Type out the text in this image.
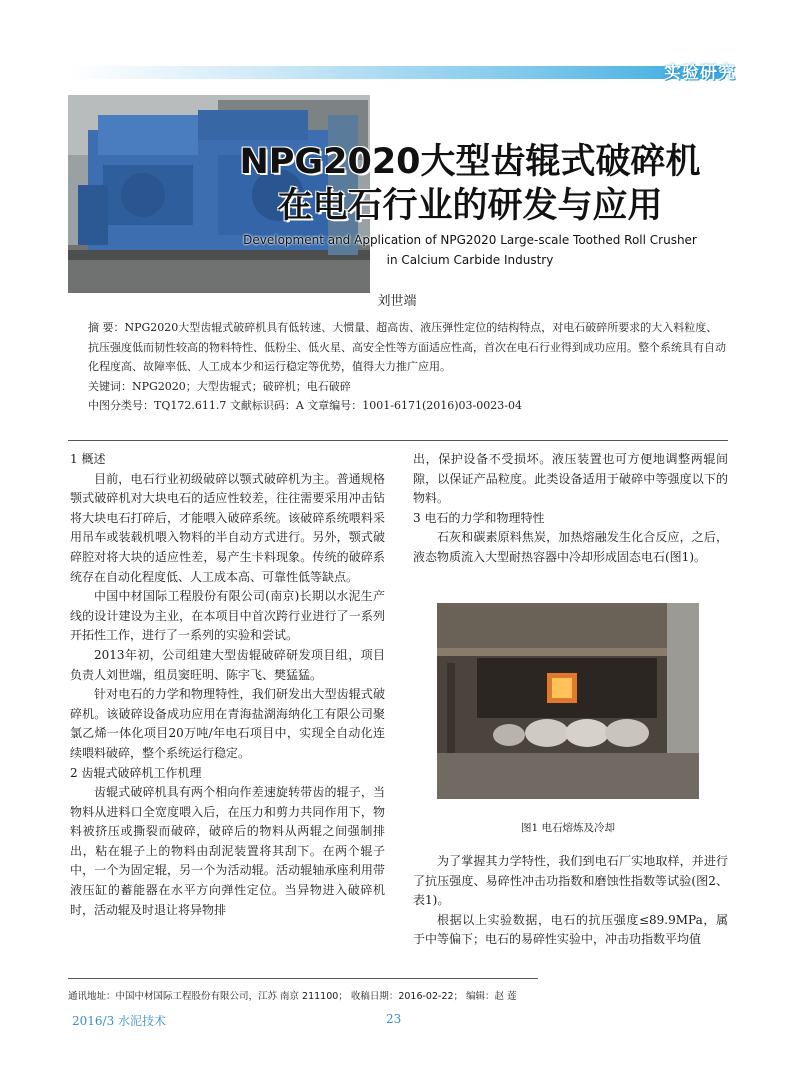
实验研究
NPG2020大型齿辊式破碎机
在电石行业的研发与应用
Development and Application of NPG2020 Large-scale Toothed Roll Crusher
in Calcium Carbide Industry
刘世端

摘 要：NPG2020大型齿辊式破碎机具有低转速、大惯量、超高齿、液压弹性定位的结构特点，对电石破碎所要求的大入料粒度、抗压强度低而韧性较高的物料特性、低粉尘、低火星、高安全性等方面适应性高，首次在电石行业得到成功应用。整个系统具有自动化程度高、故障率低、人工成本少和运行稳定等优势，值得大力推广应用。

关键词：NPG2020；大型齿辊式；破碎机；电石破碎

中图分类号：TQ172.611.7 文献标识码：A 文章编号：1001-6171(2016)03-0023-04

1 概述

目前，电石行业初级破碎以颚式破碎机为主。普通规格颚式破碎机对大块电石的适应性较差，往往需要采用冲击钻将大块电石打碎后，才能喂入破碎系统。该破碎系统喂料采用吊车或装载机喂入物料的半自动方式进行。另外，颚式破碎腔对将大块的适应性差，易产生卡料现象。传统的破碎系统存在自动化程度低、人工成本高、可靠性低等缺点。

中国中材国际工程股份有限公司(南京)长期以水泥生产线的设计建设为主业，在本项目中首次跨行业进行了一系列开拓性工作，进行了一系列的实验和尝试。

2013年初，公司组建大型齿辊破碎研发项目组，项目负责人刘世端，组员窦旺明、陈宇飞、樊猛猛。

针对电石的力学和物理特性，我们研发出大型齿辊式破碎机。该破碎设备成功应用在青海盐湖海纳化工有限公司聚氯乙烯一体化项目20万吨/年电石项目中，实现全自动化连续喂料破碎，整个系统运行稳定。

2 齿辊式破碎机工作机理

齿辊式破碎机具有两个相向作差速旋转带齿的辊子，当物料从进料口全宽度喂入后，在压力和剪力共同作用下，物料被挤压或撕裂而破碎，破碎后的物料从两辊之间强制排出，粘在辊子上的物料由刮泥装置将其刮下。在两个辊子中，一个为固定辊，另一个为活动辊。活动辊轴承座利用带液压缸的蓄能器在水平方向弹性定位。当异物进入破碎机时，活动辊及时退让将异物排

出，保护设备不受损坏。液压装置也可方便地调整两辊间隙，以保证产品粒度。此类设备适用于破碎中等强度以下的物料。

3 电石的力学和物理特性

石灰和碳素原料焦炭，加热熔融发生化合反应，之后，液态物质流入大型耐热容器中冷却形成固态电石(图1)。

图1 电石熔炼及冷却

为了掌握其力学特性，我们到电石厂实地取样，并进行了抗压强度、易碎性冲击功指数和磨蚀性指数等试验(图2、表1)。

根据以上实验数据，电石的抗压强度≤89.9MPa，属于中等偏下；电石的易碎性实验中，冲击功指数平均值

通讯地址：中国中材国际工程股份有限公司，江苏 南京 211100； 收稿日期：2016-02-22； 编辑：赵 莲
2016/3 水泥技术	23
